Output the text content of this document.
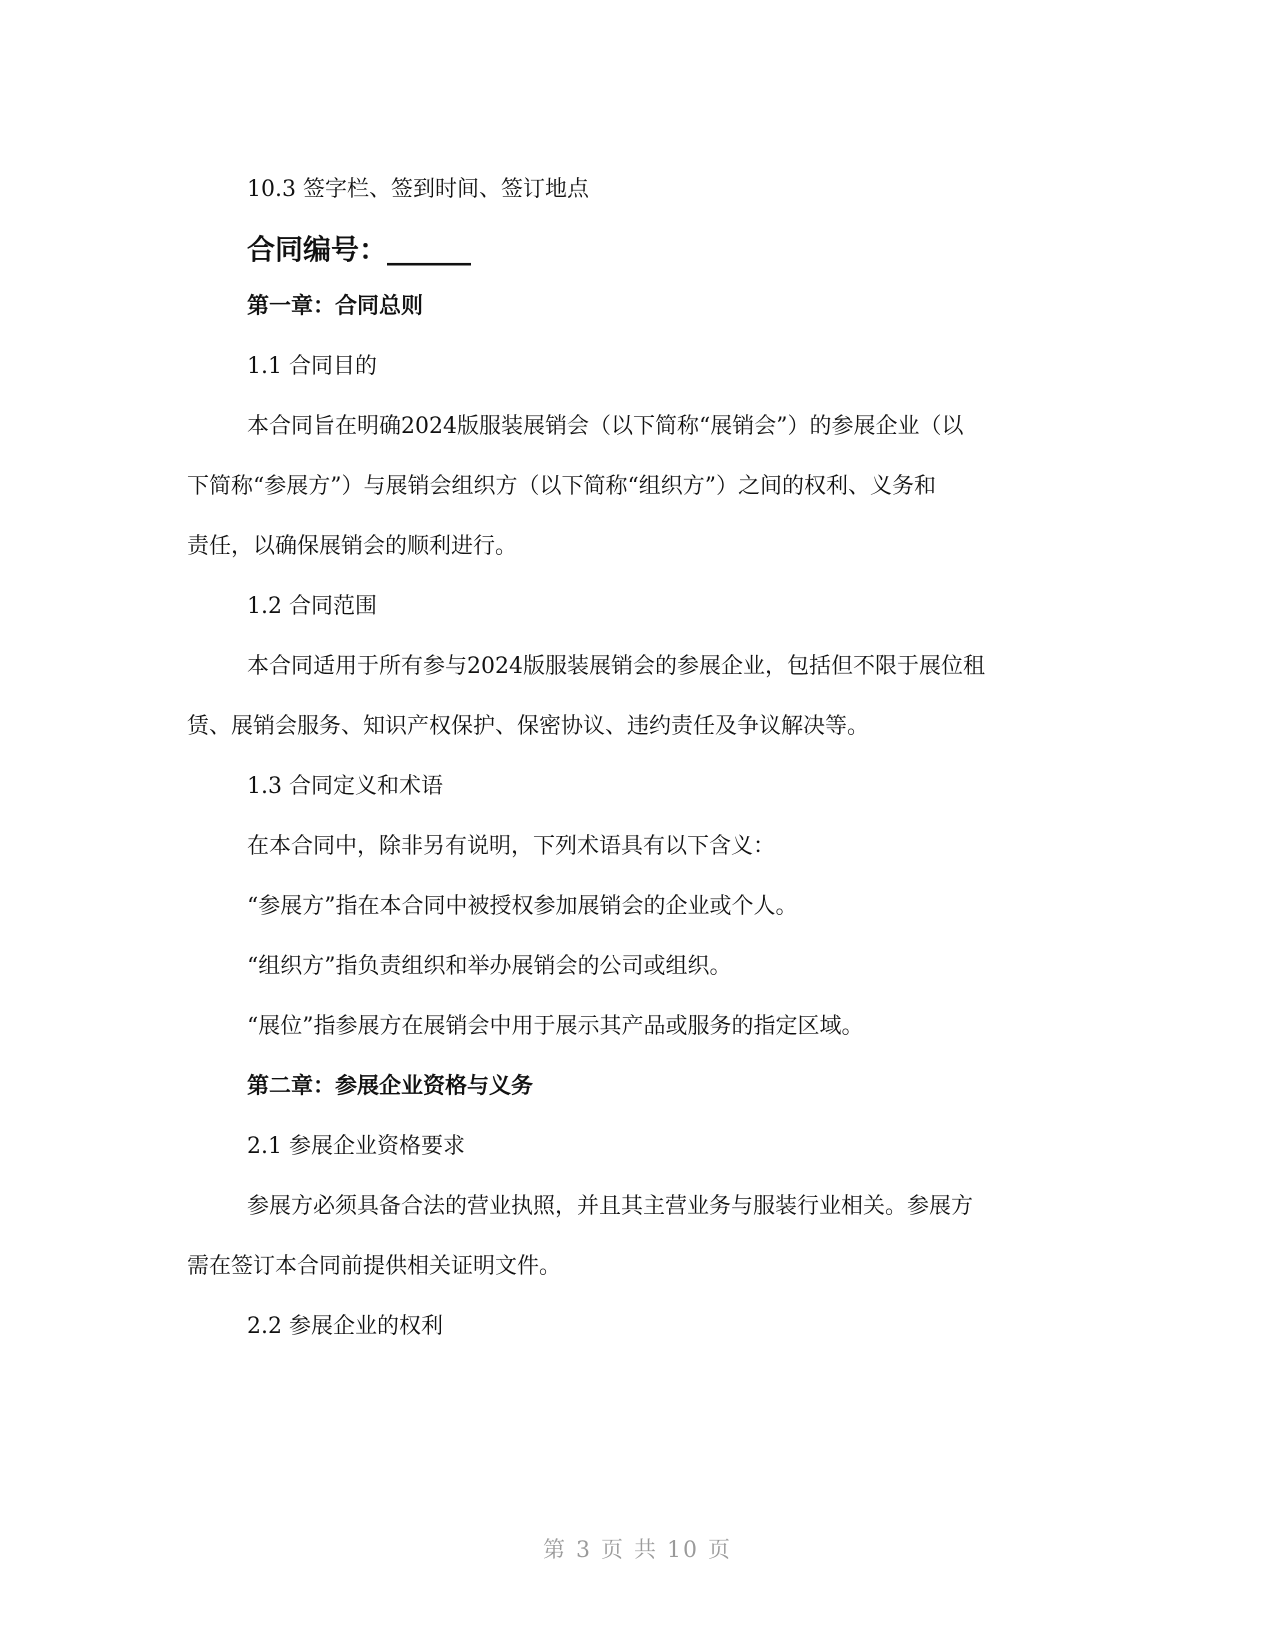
10.3 签字栏、签到时间、签订地点
合同编号：______
第一章：合同总则
1.1 合同目的
本合同旨在明确2024版服装展销会（以下简称“展销会”）的参展企业（以
下简称“参展方”）与展销会组织方（以下简称“组织方”）之间的权利、义务和
责任，以确保展销会的顺利进行。
1.2 合同范围
本合同适用于所有参与2024版服装展销会的参展企业，包括但不限于展位租
赁、展销会服务、知识产权保护、保密协议、违约责任及争议解决等。
1.3 合同定义和术语
在本合同中，除非另有说明，下列术语具有以下含义：
“参展方”指在本合同中被授权参加展销会的企业或个人。
“组织方”指负责组织和举办展销会的公司或组织。
“展位”指参展方在展销会中用于展示其产品或服务的指定区域。
第二章：参展企业资格与义务
2.1 参展企业资格要求
参展方必须具备合法的营业执照，并且其主营业务与服装行业相关。参展方
需在签订本合同前提供相关证明文件。
2.2 参展企业的权利
第 3 页 共 10 页
